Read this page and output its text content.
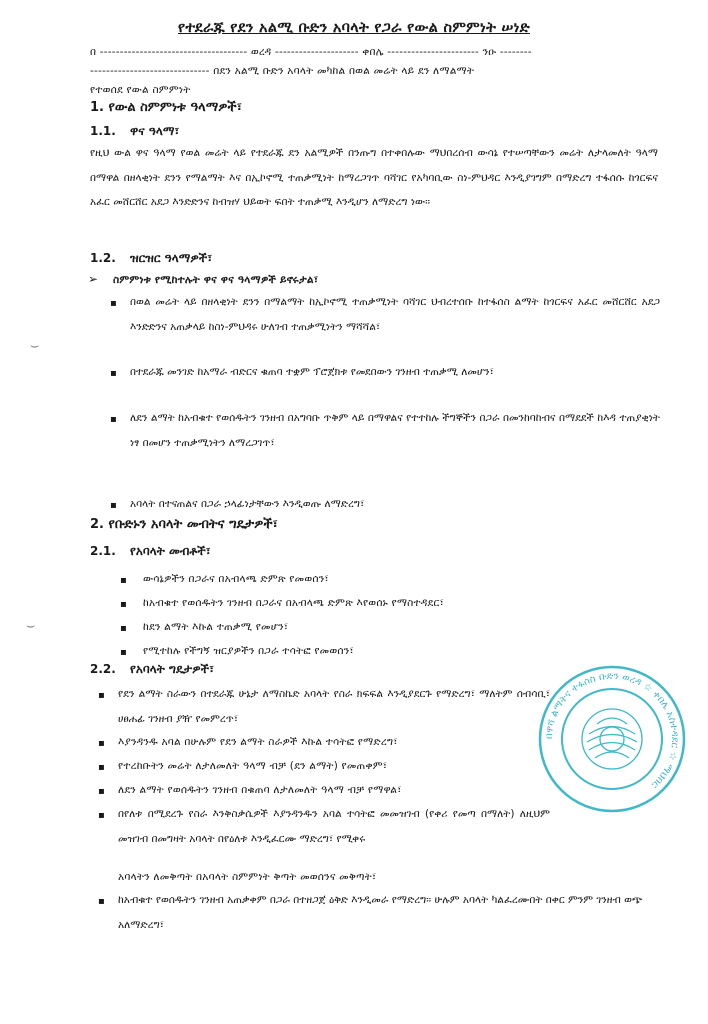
የተደራጁ የደን አልሚ ቡድን አባላት የጋራ የውል ስምምነት ሠነድ
በ ------------------------------------- ወረዳ --------------------- ቀበሌ ----------------------- ንዑ --------
------------------------------ በደን አልሚ ቡድን አባላት መካከል በወል መሬት ላይ ደን ለማልማት
የተወሰደ የውል ስምምነት
1. የውል ስምምነቱ ዓላማዎች፣
1.1. ዋና ዓላማ፣
የዚህ ውል ዋና ዓላማ የወል መሬት ላይ የተደራጁ ደን አልሚዎች በንጡግ በተቀበሉው ማህበረሰብ ውሳኔ የተሠጣቸውን መሬት ለታላመለት ዓላማ በማዋል በዘላቂነት ደንን የማልማት እና በኢኮኖሚ ተጠቃሚነት ከማረጋገጥ ባሻገር የአካባቢው ስነ-ምህዳር እንዲያገግም በማድረግ ተፋሰሱ ከጎርፍና አፈር መሸርሸር አደጋ እንድድንና ከብዝሃ ህይወት ፍበት ተጠቃሚ እንዲሆን ለማድረግ ነው፡፡
1.2. ዝርዝር ዓላማዎች፣
➢ ስምምነቱ የሚከተሉት ዋና ዋና ዓላማዎች ይኖሩታል፣
▪ በወል መሬት ላይ በዘላቂነት ደንን በማልማት ከኢኮኖሚ ተጠቃሚነት ባሻገር ህብረተሰቡ ከተፋሰስ ልማት ከጎርፍና አፈር መሸርሸር አደጋ እንድድንና አጠቃላይ ከስነ-ምህዳሩ ሁለገብ ተጠቃሚነትን ማሻሻል፣
▪ በተደራጁ መንገድ ከአማራ ብድርና ቁጠባ ተቋም ፕሮጀክቱ የመደበውን ገንዘብ ተጠቃሚ ለመሆን፣
▪ ለደን ልማት ከአብቁተ የወሰዱትን ገንዘብ በአግባቡ ጥቅም ላይ በማዋልና የተተከሉ ችግኞችን በጋራ በመንከባከብና በማደደች ከእዳ ተጠያቂነት ነፃ በመሆን ተጠቃሚነትን ለማረጋገጥ፣
▪ አባላት በተናጠልና በጋራ ኃላፊነታቸውን እንዲወጡ ለማድረግ፣
2. የቡድኑን አባላት መብትና ግዴታዎች፣
2.1. የአባላት መብቶች፣
▪ ውሳኔዎችን በጋራና በአብላጫ ድምጽ የመወሰን፣
▪ ከአብቁተ የወሰዱትን ገንዘብ በጋራና በአብላጫ ድምጽ እየወሰኑ የማስተዳደር፣
▪ ከደን ልማት እኩል ተጠቃሚ የመሆን፣
▪ የሚተከሉ የችግኝ ዝርያዎችን በጋራ ተሳትፎ የመወሰን፣
2.2. የአባላት ግዴታዎች፣
▪ የደን ልማት ስራውን በተደራጁ ሁኔታ ለማስኬድ አባላት የስራ ክፍፍል እንዲያደርጉ የማድረግ፣ ማለትም ሰብሳቢ፣ ሀፀሐፊ ገንዘብ ያዥ የመምረጥ፣
▪ እያንዳንዱ አባል በሁሉም የደን ልማት ስራዎች እኩል ተሳትፎ የማድረግ፣
▪ የተረከቡትን መሬት ለታለመለት ዓላማ ብቻ (ደን ልማት) የመጠቀም፣
▪ ለደን ልማት የወሰዱትን ገንዘብ በቁጠባ ለታለመለት ዓላማ ብቻ የማዋል፣
▪ በየለቱ በሚደረጉ የስራ እንቅስቃሴዎች እያንዳንዱን አባል ተሳትፎ መመዝገብ (የቀሪ የመጣ በማለት) ለዚህም መዝገብ በመግዛት አባላት በየዕለቱ እንዲፈርሙ ማድረግ፣ የሚቀሩ
አባላትን ለመቅጣት በአባላት ስምምነት ቅጣት መወሰንና መቅጣት፣
▪ ከአብቁተ የወሰዱትን ገንዘብ አጠቃቀም በጋራ በተዘጋጀ ዕቅድ እንዲመራ የማድረግ፡፡ ሁሉም አባላት ካልፈረሙበት በቀር ምንም ገንዘብ ወጭ አለማድረግ፣
በዋሻ ልማትና ተፋሰስ ቡድን ወረዳ ☆ ቀበሌ አስተዳደር ☆ ማህበር
⌣
⌣
